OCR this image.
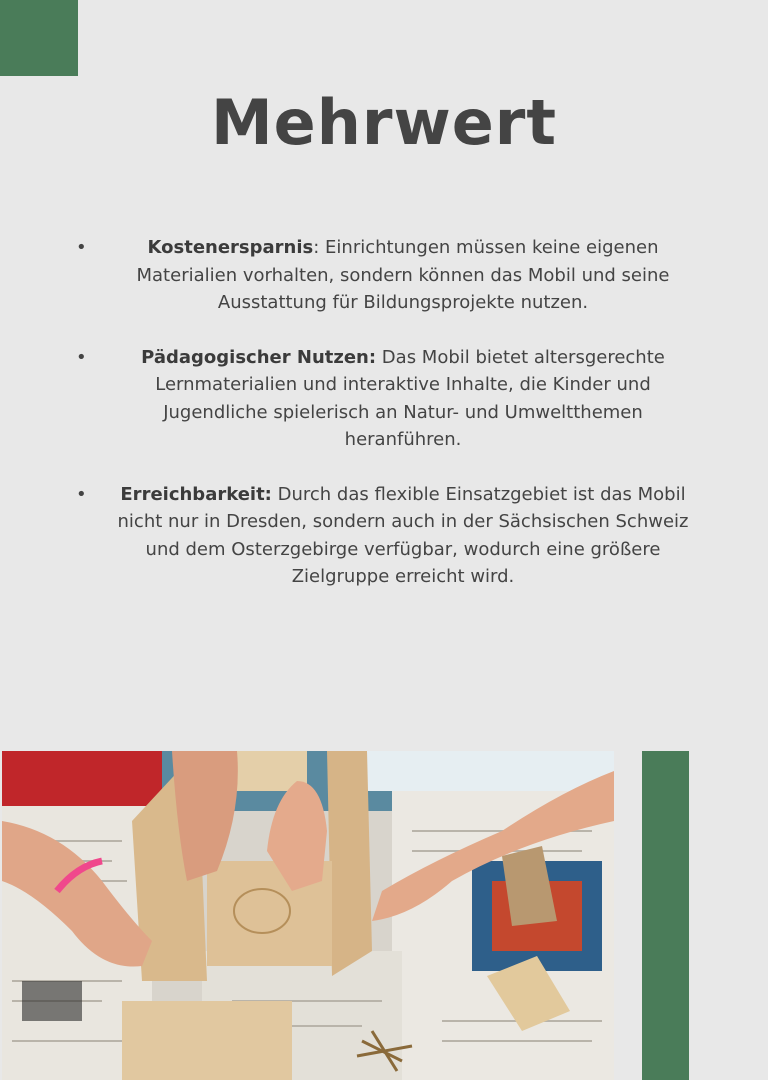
Mehrwert
•	Kostenersparnis: Einrichtungen müssen keine eigenen Materialien vorhalten, sondern können das Mobil und seine Ausstattung für Bildungsprojekte nutzen.
•	Pädagogischer Nutzen: Das Mobil bietet altersgerechte Lernmaterialien und interaktive Inhalte, die Kinder und Jugendliche spielerisch an Natur- und Umweltthemen heranführen.
• Erreichbarkeit: Durch das flexible Einsatzgebiet ist das Mobil nicht nur in Dresden, sondern auch in der Sächsischen Schweiz und dem Osterzgebirge verfügbar, wodurch eine größere Zielgruppe erreicht wird.
